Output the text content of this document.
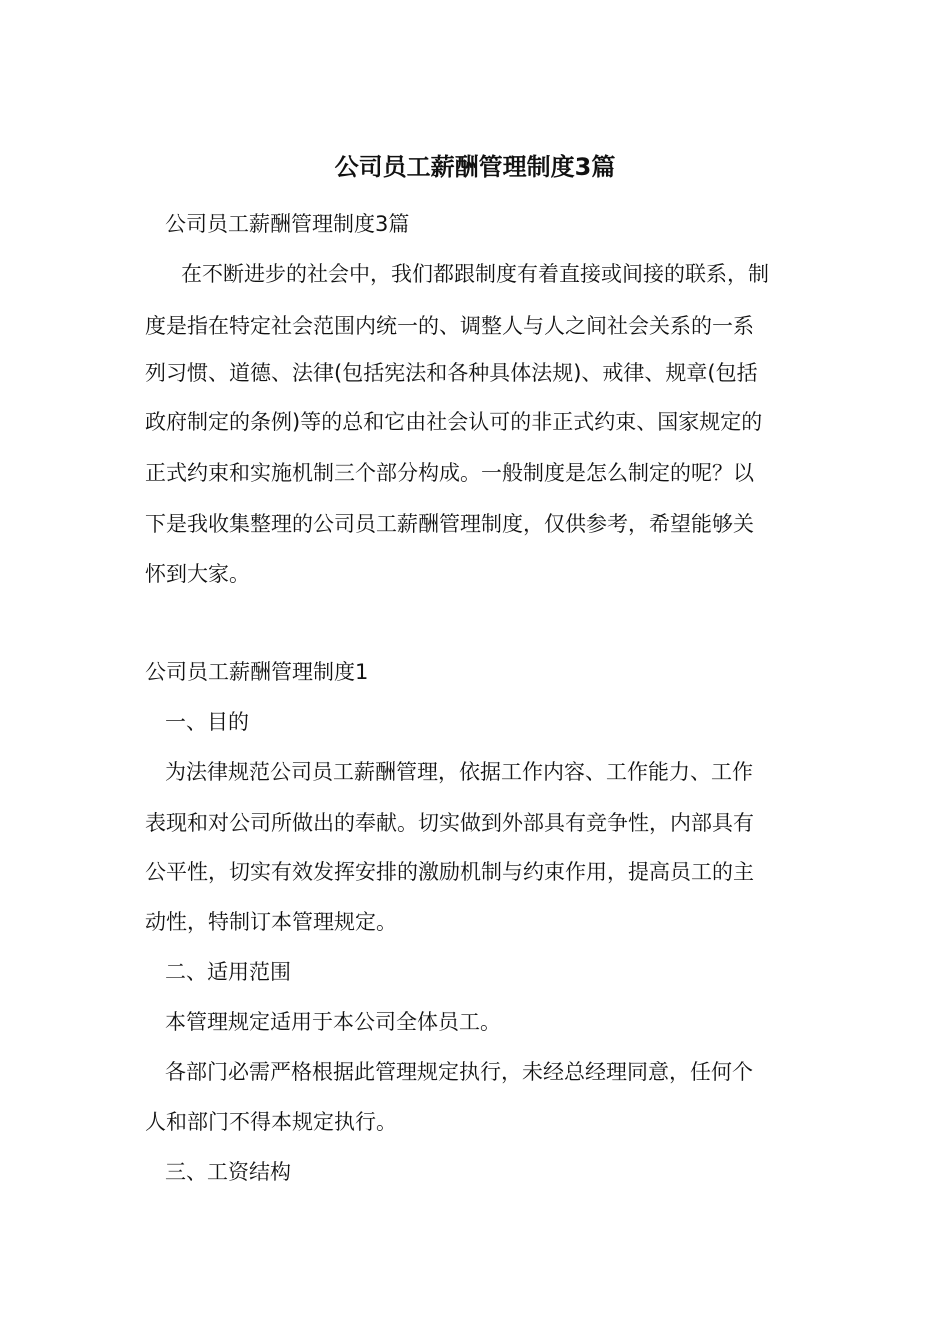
公司员工薪酬管理制度3篇
公司员工薪酬管理制度3篇
在不断进步的社会中，我们都跟制度有着直接或间接的联系，制
度是指在特定社会范围内统一的、调整人与人之间社会关系的一系
列习惯、道德、法律(包括宪法和各种具体法规)、戒律、规章(包括
政府制定的条例)等的总和它由社会认可的非正式约束、国家规定的
正式约束和实施机制三个部分构成。一般制度是怎么制定的呢？以
下是我收集整理的公司员工薪酬管理制度，仅供参考，希望能够关
怀到大家。
公司员工薪酬管理制度1
一、目的
为法律规范公司员工薪酬管理，依据工作内容、工作能力、工作
表现和对公司所做出的奉献。切实做到外部具有竞争性，内部具有
公平性，切实有效发挥安排的激励机制与约束作用，提高员工的主
动性，特制订本管理规定。
二、适用范围
本管理规定适用于本公司全体员工。
各部门必需严格根据此管理规定执行，未经总经理同意，任何个
人和部门不得本规定执行。
三、工资结构
